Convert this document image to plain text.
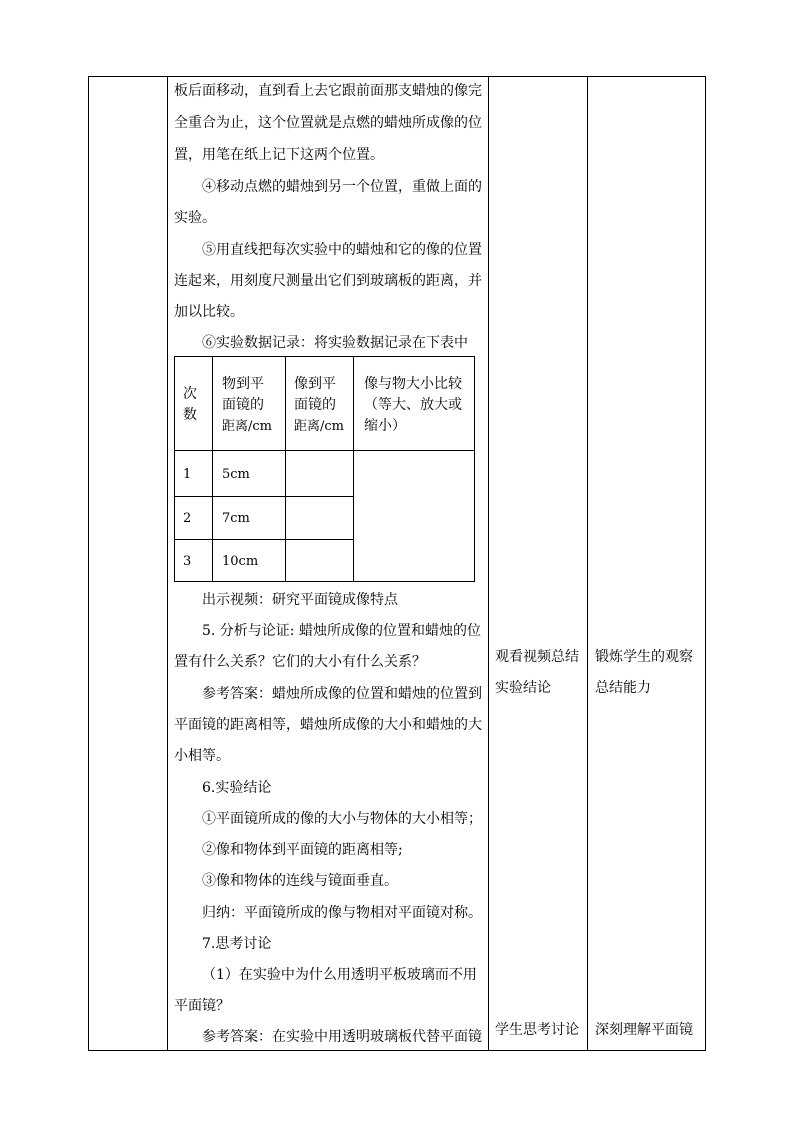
板后面移动，直到看上去它跟前面那支蜡烛的像完
全重合为止，这个位置就是点燃的蜡烛所成像的位
置，用笔在纸上记下这两个位置。
④移动点燃的蜡烛到另一个位置，重做上面的
实验。
⑤用直线把每次实验中的蜡烛和它的像的位置
连起来，用刻度尺测量出它们到玻璃板的距离，并
加以比较。
⑥实验数据记录：将实验数据记录在下表中
次
数
物到平
面镜的
距离/cm
像到平
面镜的
距离/cm
像与物大小比较
（等大、放大或
缩小）
1 5cm
2 7cm
3 10cm
出示视频：研究平面镜成像特点
5. 分析与论证: 蜡烛所成像的位置和蜡烛的位
置有什么关系？它们的大小有什么关系？
参考答案：蜡烛所成像的位置和蜡烛的位置到
平面镜的距离相等，蜡烛所成像的大小和蜡烛的大
小相等。
6.实验结论
①平面镜所成的像的大小与物体的大小相等；
②像和物体到平面镜的距离相等;
③像和物体的连线与镜面垂直。
归纳：平面镜所成的像与物相对平面镜对称。
7.思考讨论
（1）在实验中为什么用透明平板玻璃而不用
平面镜？
参考答案：在实验中用透明玻璃板代替平面镜
观看视频总结
实验结论
学生思考讨论
锻炼学生的观察
总结能力
深刻理解平面镜
